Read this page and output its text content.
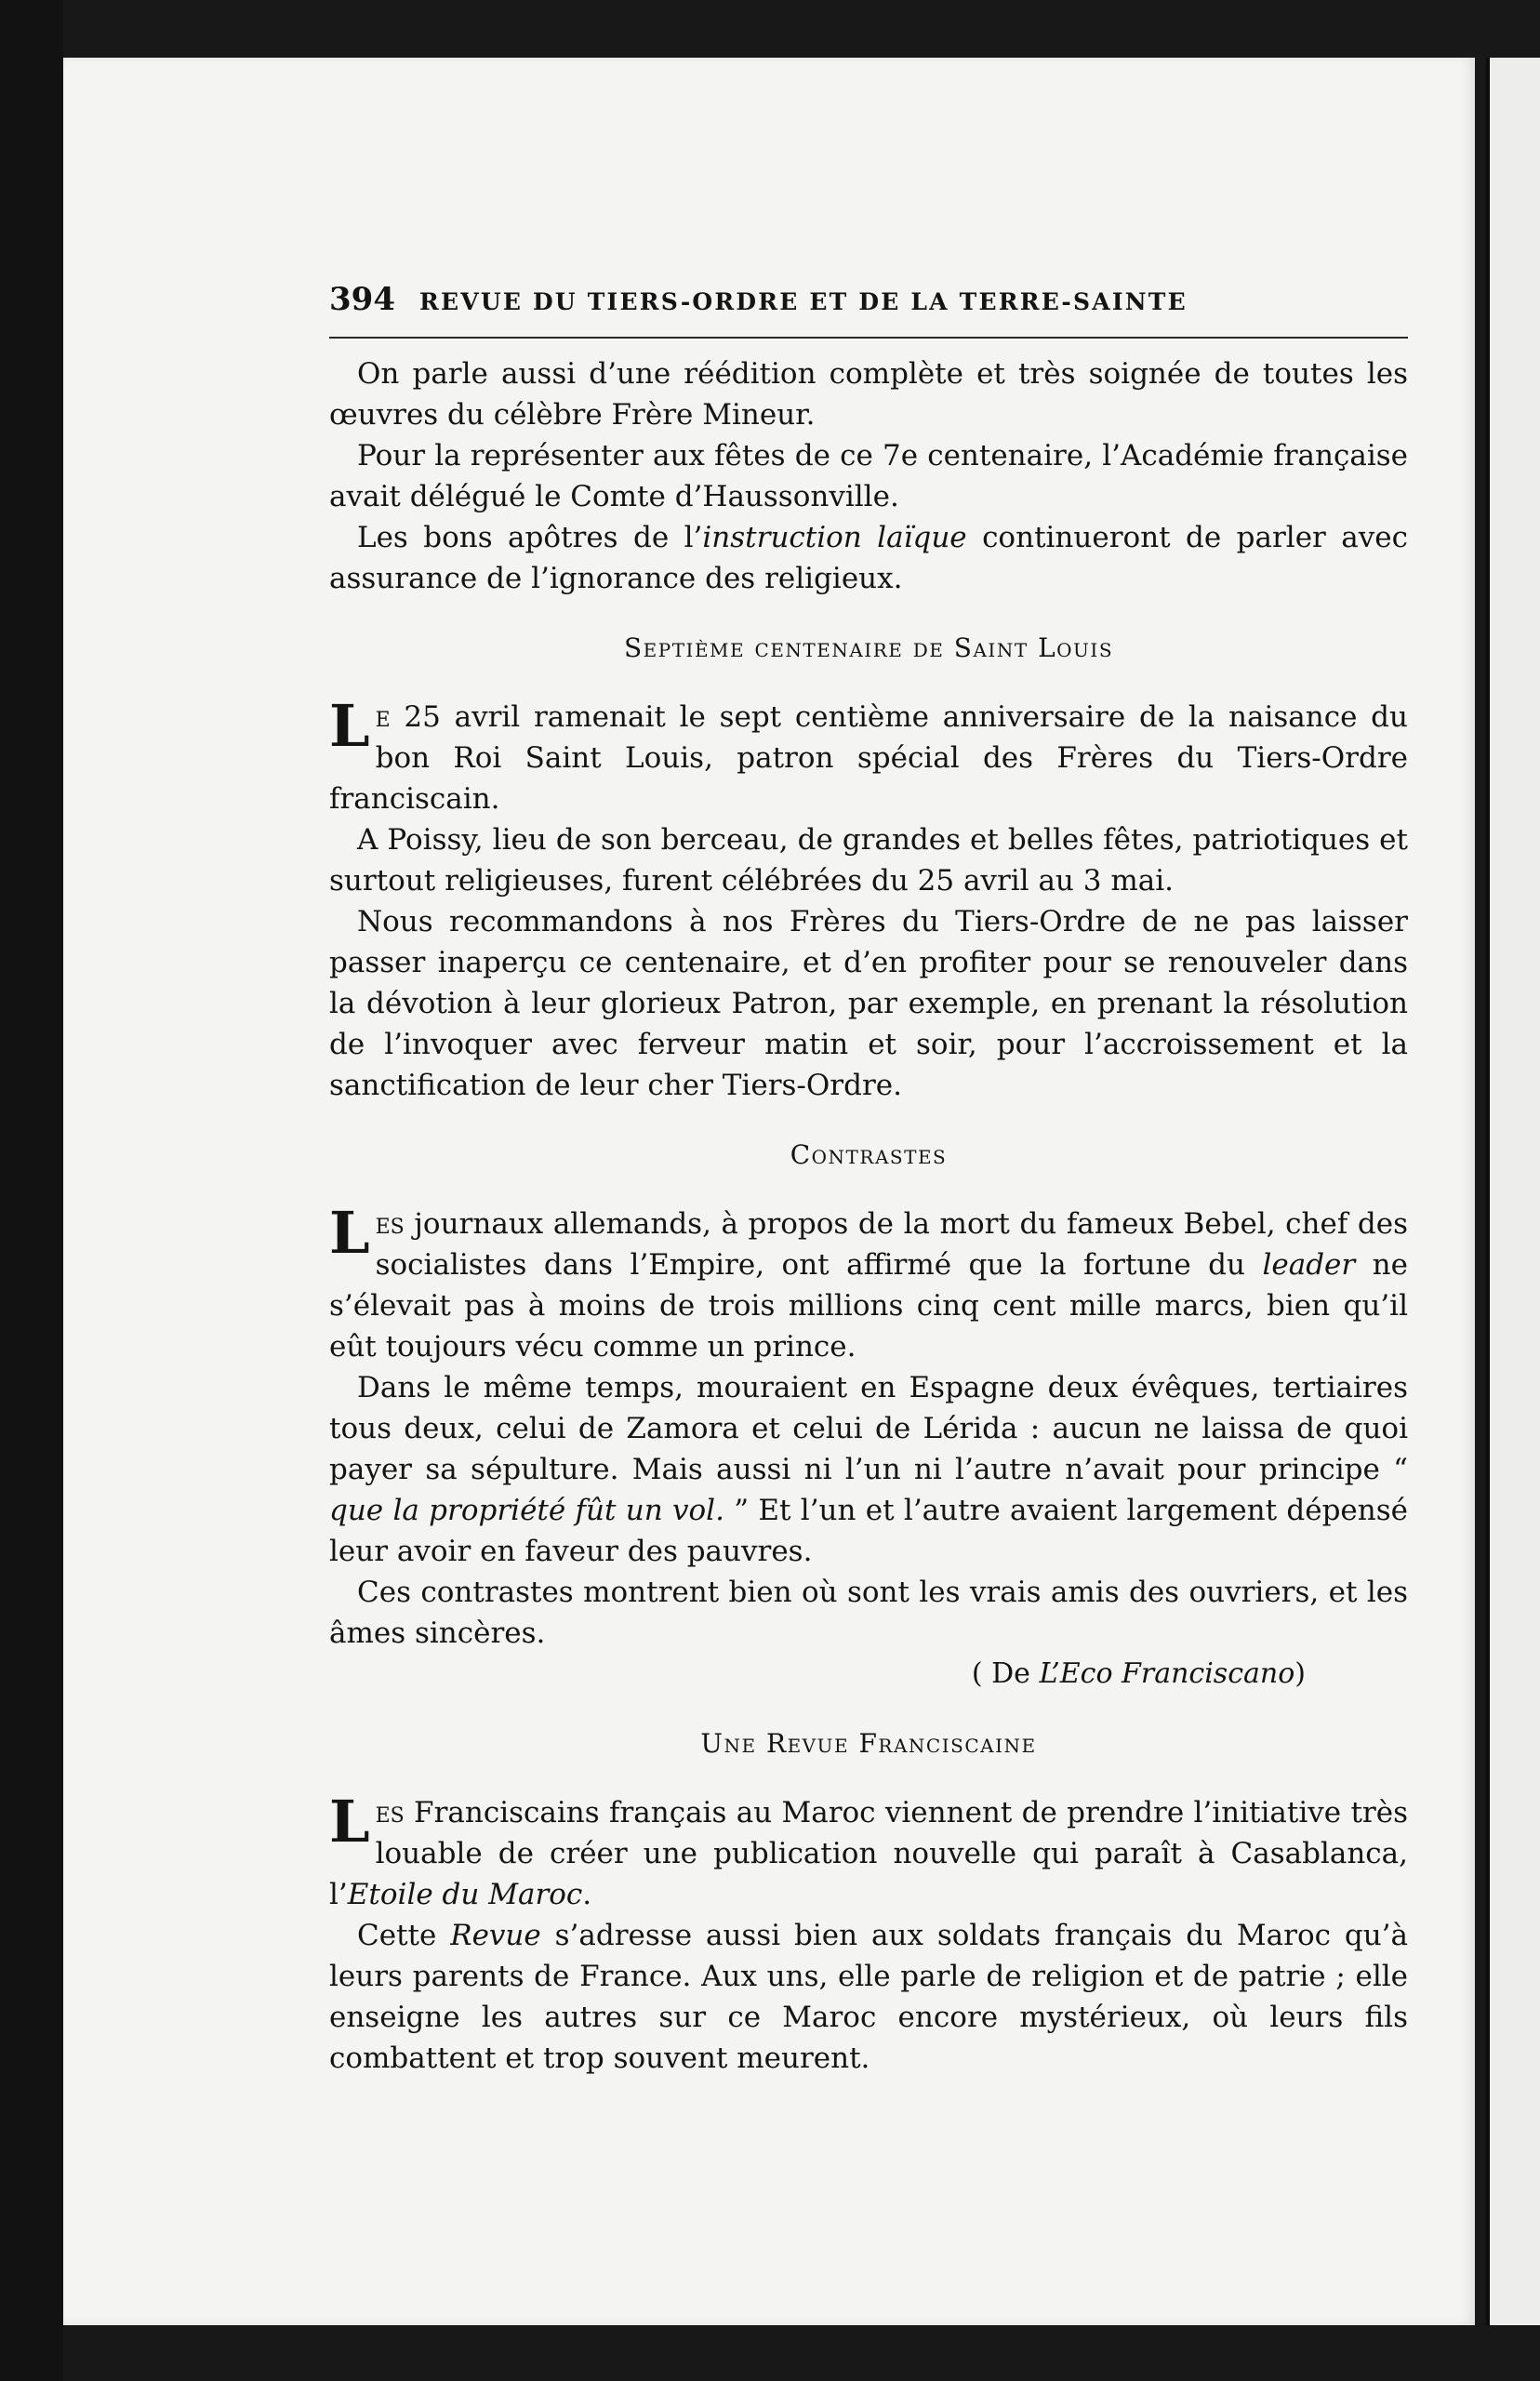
394 REVUE DU TIERS-ORDRE ET DE LA TERRE-SAINTE

On parle aussi d’une réédition complète et très soignée de toutes les œuvres du célèbre Frère Mineur.

Pour la représenter aux fêtes de ce 7e centenaire, l’Académie française avait délégué le Comte d’Haussonville.

Les bons apôtres de l’instruction laïque continueront de parler avec assurance de l’ignorance des religieux.

Septième centenaire de Saint Louis

Le 25 avril ramenait le sept centième anniversaire de la naisance du bon Roi Saint Louis, patron spécial des Frères du Tiers-Ordre franciscain.

A Poissy, lieu de son berceau, de grandes et belles fêtes, patriotiques et surtout religieuses, furent célébrées du 25 avril au 3 mai.

Nous recommandons à nos Frères du Tiers-Ordre de ne pas laisser passer inaperçu ce centenaire, et d’en profiter pour se renouveler dans la dévotion à leur glorieux Patron, par exemple, en prenant la résolution de l’invoquer avec ferveur matin et soir, pour l’accroissement et la sanctification de leur cher Tiers-Ordre.

Contrastes

Les journaux allemands, à propos de la mort du fameux Bebel, chef des socialistes dans l’Empire, ont affirmé que la fortune du leader ne s’élevait pas à moins de trois millions cinq cent mille marcs, bien qu’il eût toujours vécu comme un prince.

Dans le même temps, mouraient en Espagne deux évêques, tertiaires tous deux, celui de Zamora et celui de Lérida : aucun ne laissa de quoi payer sa sépulture. Mais aussi ni l’un ni l’autre n’avait pour principe “ que la propriété fût un vol. ” Et l’un et l’autre avaient largement dépensé leur avoir en faveur des pauvres.

Ces contrastes montrent bien où sont les vrais amis des ouvriers, et les âmes sincères.

( De L’Eco Franciscano)

Une Revue Franciscaine

Les Franciscains français au Maroc viennent de prendre l’initiative très louable de créer une publication nouvelle qui paraît à Casablanca, l’Etoile du Maroc.

Cette Revue s’adresse aussi bien aux soldats français du Maroc qu’à leurs parents de France. Aux uns, elle parle de religion et de patrie ; elle enseigne les autres sur ce Maroc encore mystérieux, où leurs fils combattent et trop souvent meurent.
